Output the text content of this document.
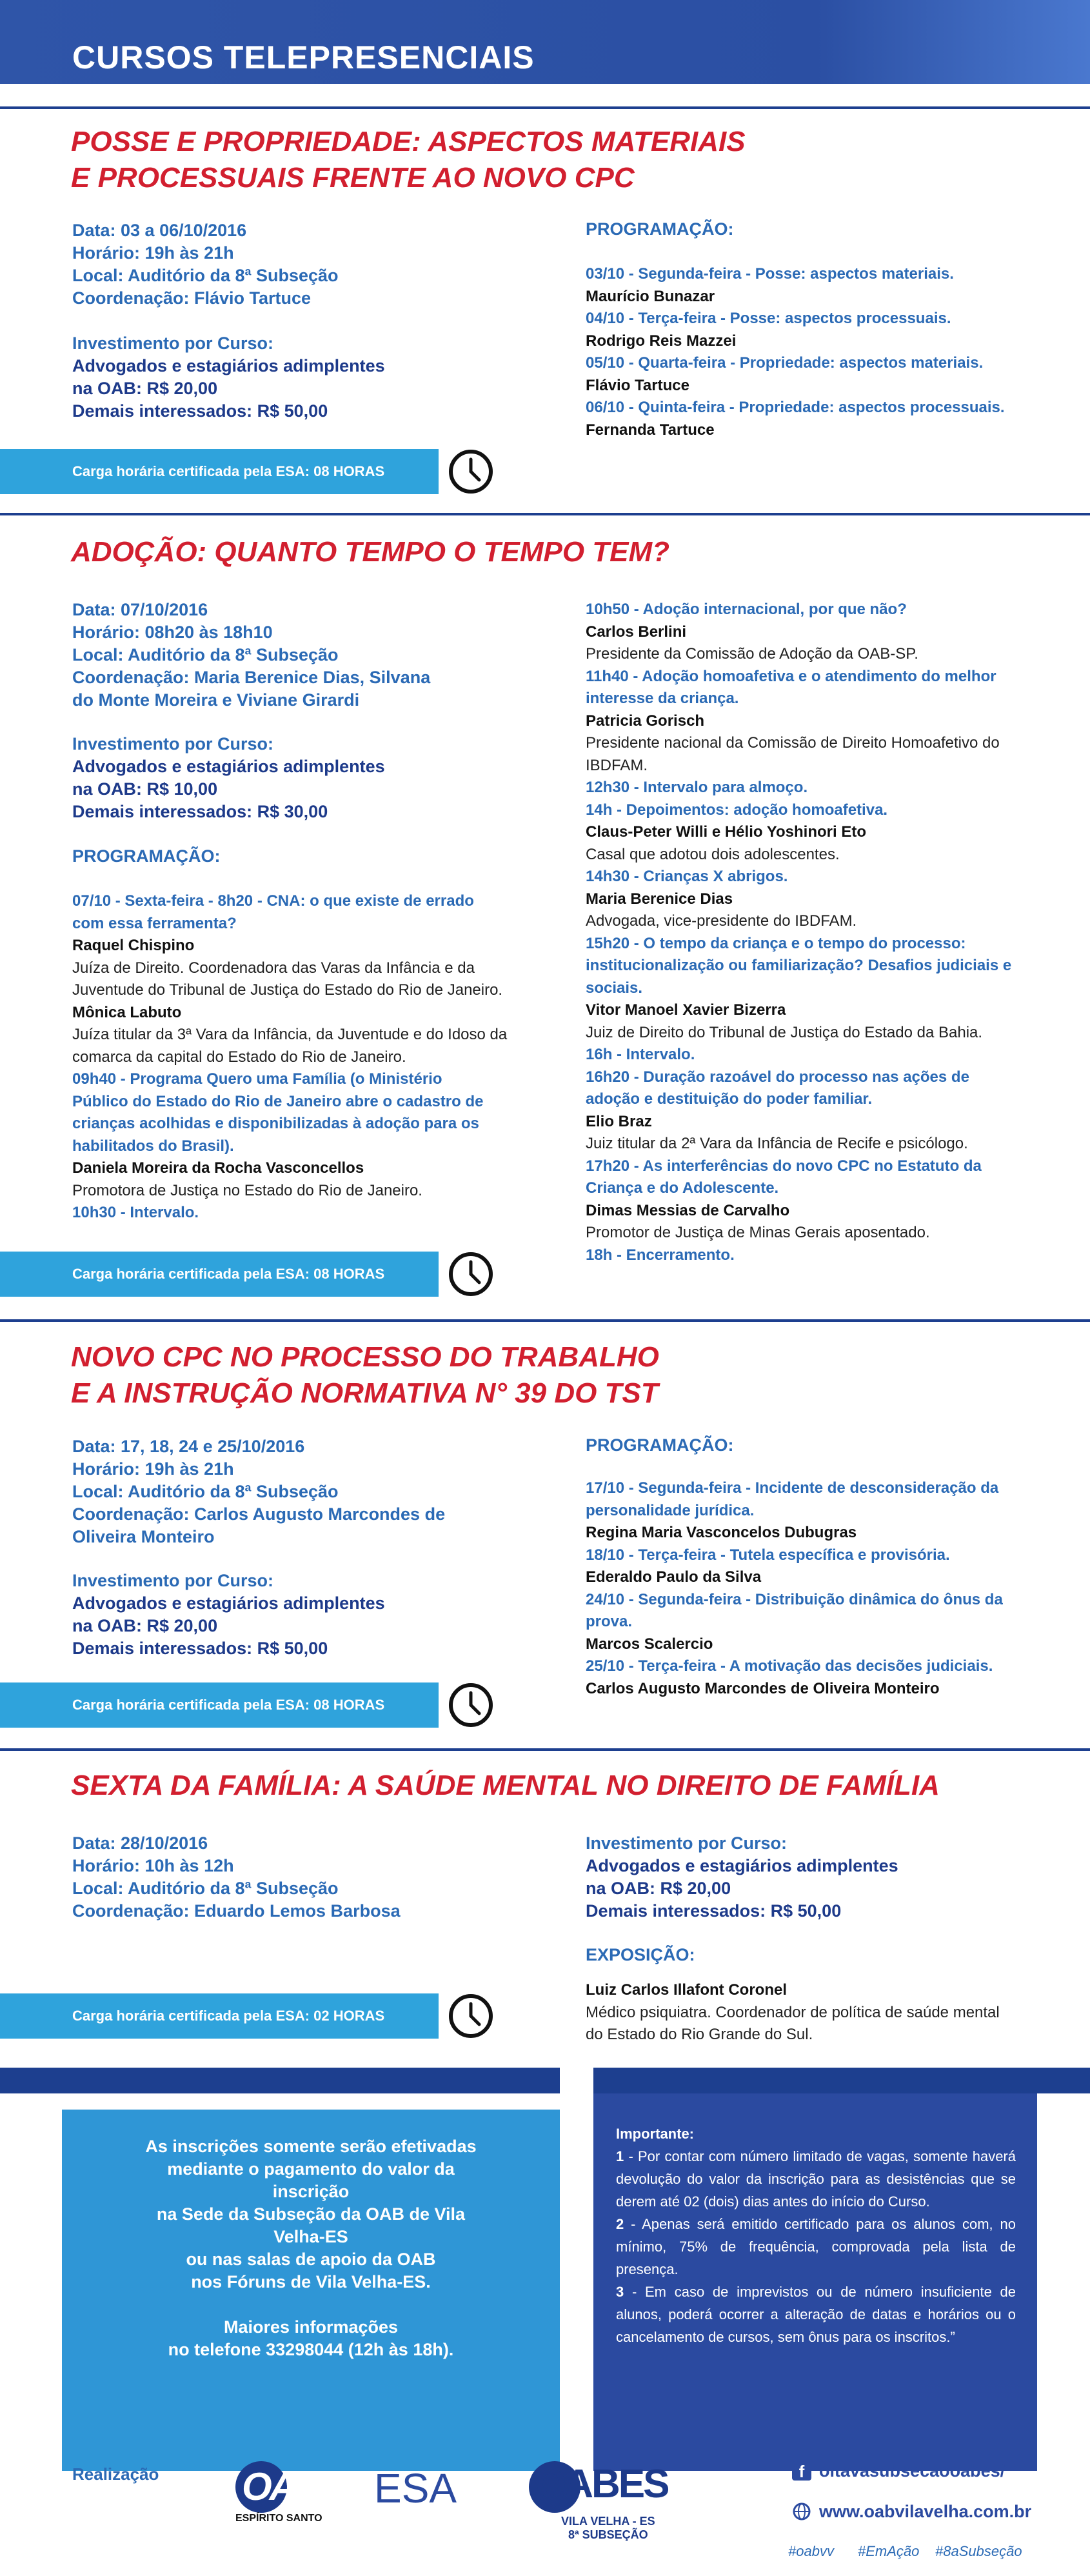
CURSOS TELEPRESENCIAIS
POSSE E PROPRIEDADE: ASPECTOS MATERIAIS
E PROCESSUAIS FRENTE AO NOVO CPC
Data: 03 a 06/10/2016
Horário: 19h às 21h
Local: Auditório da 8ª Subseção
Coordenação: Flávio Tartuce
Investimento por Curso:
Advogados e estagiários adimplentes
na OAB: R$ 20,00
Demais interessados: R$ 50,00
PROGRAMAÇÃO:
03/10 - Segunda-feira - Posse: aspectos materiais.
Maurício Bunazar
04/10 - Terça-feira - Posse: aspectos processuais.
Rodrigo Reis Mazzei
05/10 - Quarta-feira - Propriedade: aspectos materiais.
Flávio Tartuce
06/10 - Quinta-feira - Propriedade: aspectos processuais.
Fernanda Tartuce
Carga horária certificada pela ESA: 08 HORAS
ADOÇÃO: QUANTO TEMPO O TEMPO TEM?
Data: 07/10/2016
Horário: 08h20 às 18h10
Local: Auditório da 8ª Subseção
Coordenação: Maria Berenice Dias, Silvana
do Monte Moreira e Viviane Girardi
Investimento por Curso:
Advogados e estagiários adimplentes
na OAB: R$ 10,00
Demais interessados: R$ 30,00
PROGRAMAÇÃO:
07/10 - Sexta-feira - 8h20 - CNA: o que existe de errado
com essa ferramenta?
Raquel Chispino
Juíza de Direito. Coordenadora das Varas da Infância e da
Juventude do Tribunal de Justiça do Estado do Rio de Janeiro.
Mônica Labuto
Juíza titular da 3ª Vara da Infância, da Juventude e do Idoso da
comarca da capital do Estado do Rio de Janeiro.
09h40 - Programa Quero uma Família (o Ministério
Público do Estado do Rio de Janeiro abre o cadastro de
crianças acolhidas e disponibilizadas à adoção para os
habilitados do Brasil).
Daniela Moreira da Rocha Vasconcellos
Promotora de Justiça no Estado do Rio de Janeiro.
10h30 - Intervalo.
10h50 - Adoção internacional, por que não?
Carlos Berlini
Presidente da Comissão de Adoção da OAB-SP.
11h40 - Adoção homoafetiva e o atendimento do melhor
interesse da criança.
Patricia Gorisch
Presidente nacional da Comissão de Direito Homoafetivo do
IBDFAM.
12h30 - Intervalo para almoço.
14h - Depoimentos: adoção homoafetiva.
Claus-Peter Willi e Hélio Yoshinori Eto
Casal que adotou dois adolescentes.
14h30 - Crianças X abrigos.
Maria Berenice Dias
Advogada, vice-presidente do IBDFAM.
15h20 - O tempo da criança e o tempo do processo:
institucionalização ou familiarização? Desafios judiciais e
sociais.
Vitor Manoel Xavier Bizerra
Juiz de Direito do Tribunal de Justiça do Estado da Bahia.
16h - Intervalo.
16h20 - Duração razoável do processo nas ações de
adoção e destituição do poder familiar.
Elio Braz
Juiz titular da 2ª Vara da Infância de Recife e psicólogo.
17h20 - As interferências do novo CPC no Estatuto da
Criança e do Adolescente.
Dimas Messias de Carvalho
Promotor de Justiça de Minas Gerais aposentado.
18h - Encerramento.
Carga horária certificada pela ESA: 08 HORAS
NOVO CPC NO PROCESSO DO TRABALHO
E A INSTRUÇÃO NORMATIVA N° 39 DO TST
Data: 17, 18, 24 e 25/10/2016
Horário: 19h às 21h
Local: Auditório da 8ª Subseção
Coordenação: Carlos Augusto Marcondes de
Oliveira Monteiro
Investimento por Curso:
Advogados e estagiários adimplentes
na OAB: R$ 20,00
Demais interessados: R$ 50,00
PROGRAMAÇÃO:
17/10 - Segunda-feira - Incidente de desconsideração da
personalidade jurídica.
Regina Maria Vasconcelos Dubugras
18/10 - Terça-feira - Tutela específica e provisória.
Ederaldo Paulo da Silva
24/10 - Segunda-feira - Distribuição dinâmica do ônus da
prova.
Marcos Scalercio
25/10 - Terça-feira - A motivação das decisões judiciais.
Carlos Augusto Marcondes de Oliveira Monteiro
Carga horária certificada pela ESA: 08 HORAS
SEXTA DA FAMÍLIA: A SAÚDE MENTAL NO DIREITO DE FAMÍLIA
Data: 28/10/2016
Horário: 10h às 12h
Local: Auditório da 8ª Subseção
Coordenação: Eduardo Lemos Barbosa
Investimento por Curso:
Advogados e estagiários adimplentes
na OAB: R$ 20,00
Demais interessados: R$ 50,00
EXPOSIÇÃO:
Luiz Carlos Illafont Coronel
Médico psiquiatra. Coordenador de política de saúde mental
do Estado do Rio Grande do Sul.
Carga horária certificada pela ESA: 02 HORAS
As inscrições somente serão efetivadas
mediante o pagamento do valor da
inscrição
na Sede da Subseção da OAB de Vila
Velha-ES
ou nas salas de apoio da OAB
nos Fóruns de Vila Velha-ES.
Maiores informações
no telefone 33298044 (12h às 18h).
Importante:
1 - Por contar com número limitado de vagas, somente haverá devolução do valor da inscrição para as desistências que se derem até 02 (dois) dias antes do início do Curso.
2 - Apenas será emitido certificado para os alunos com, no mínimo, 75% de frequência, comprovada pela lista de presença.
3 - Em caso de imprevistos ou de número insuficiente de alunos, poderá ocorrer a alteração de datas e horários ou o cancelamento de cursos, sem ônus para os inscritos.”
Realização OAB
ESPÍRITO SANTO
ESA OABES
VILA VELHA - ES
8ª SUBSEÇÃO
f oitavasubsecaooabes/
www.oabvilavelha.com.br
#oabvv #EmAção #8aSubseção
